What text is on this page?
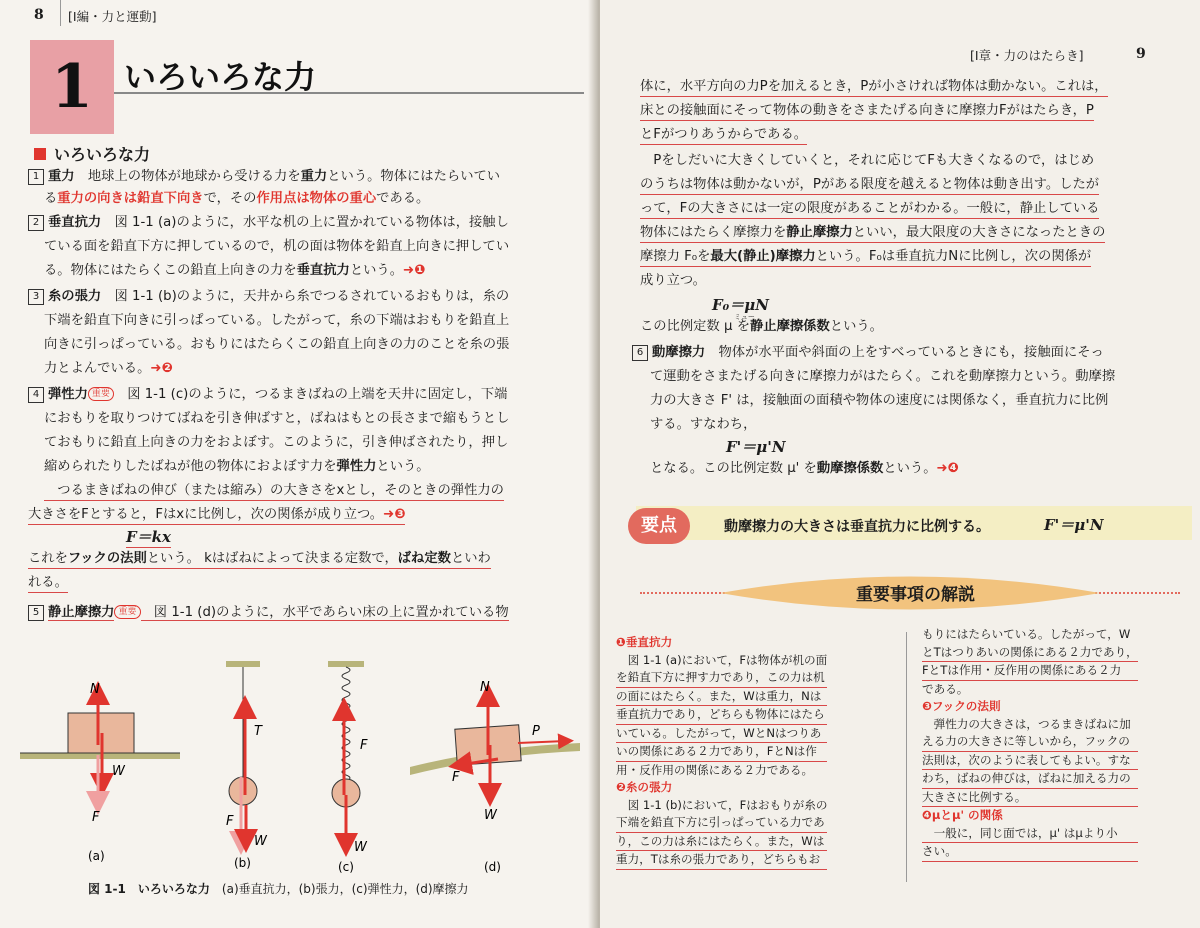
8 [Ⅰ編・力と運動]
1 いろいろな力
いろいろな力
1 重力　地球上の物体が地球から受ける力を重力という。物体にはたらいてい
る重力の向きは鉛直下向きで，その作用点は物体の重心である。
2 垂直抗力　図 1-1 (a)のように，水平な机の上に置かれている物体は，接触し
ている面を鉛直下方に押しているので，机の面は物体を鉛直上向きに押してい
る。物体にはたらくこの鉛直上向きの力を垂直抗力という。➜❶
3 糸の張力　図 1-1 (b)のように，天井から糸でつるされているおもりは，糸の
下端を鉛直下向きに引っぱっている。したがって，糸の下端はおもりを鉛直上
向きに引っぱっている。おもりにはたらくこの鉛直上向きの力のことを糸の張
力とよんでいる。➜❷
4 弾性力 重要　図 1-1 (c)のように，つるまきばねの上端を天井に固定し，下端
におもりを取りつけてばねを引き伸ばすと，ばねはもとの長さまで縮もうとし
ておもりに鉛直上向きの力をおよぼす。このように，引き伸ばされたり，押し
縮められたりしたばねが他の物体におよぼす力を弾性力という。
　つるまきばねの伸び（または縮み）の大きさをxとし，そのときの弾性力の
大きさをFとすると，Fはxに比例し，次の関係が成り立つ。➜❸
F＝kx
これをフックの法則という。 kはばねによって決まる定数で，ばね定数といわ
れる。
5 静止摩擦力 重要　図 1-1 (d)のように，水平であらい床の上に置かれている物
N
W
F
(a)
T
F
W
(b)
F
W
(c)
N
P
F
W
(d)
図 1-1　 いろいろな力　 (a)垂直抗力，(b)張力，(c)弾性力，(d)摩擦力
[Ⅰ章・力のはたらき]	9
体に，水平方向の力Pを加えるとき，Pが小さければ物体は動かない。これは，
床との接触面にそって物体の動きをさまたげる向きに摩擦力Fがはたらき，P
とFがつりあうからである。
　Pをしだいに大きくしていくと，それに応じてFも大きくなるので，はじめ
のうちは物体は動かないが，Pがある限度を越えると物体は動き出す。したが
って，Fの大きさには一定の限度があることがわかる。一般に，静止している
物体にはたらく摩擦力を静止摩擦力といい，最大限度の大きさになったときの
摩擦力 F₀を最大(静止)摩擦力という。F₀は垂直抗力Nに比例し，次の関係が
成り立つ。
F₀＝μN
ミュー
この比例定数 μ を静止摩擦係数という。
6 動摩擦力　物体が水平面や斜面の上をすべっているときにも，接触面にそっ
て運動をさまたげる向きに摩擦力がはたらく。これを動摩擦力という。動摩擦
力の大きさ F' は，接触面の面積や物体の速度には関係なく，垂直抗力に比例
する。すなわち，
F'＝μ'N
となる。この比例定数 μ' を動摩擦係数という。➜❹
要点	動摩擦力の大きさは垂直抗力に比例する。	F'＝μ'N
重要事項の解説
❶垂直抗力
　図 1-1 (a)において，Fは物体が机の面
を鉛直下方に押す力であり，この力は机
の面にはたらく。また，Wは重力，Nは
垂直抗力であり，どちらも物体にはたら
いている。したがって，WとNはつりあ
いの関係にある２力であり，FとNは作
用・反作用の関係にある２力である。
❷糸の張力
　図 1-1 (b)において，Fはおもりが糸の
下端を鉛直下方に引っぱっている力であ
り，この力は糸にはたらく。また，Wは
重力，Tは糸の張力であり，どちらもお
もりにはたらいている。したがって，W
とTはつりあいの関係にある２力であり，
FとTは作用・反作用の関係にある２力
である。
❸フックの法則
　弾性力の大きさは，つるまきばねに加
える力の大きさに等しいから，フックの
法則は，次のように表してもよい。すな
わち，ばねの伸びは，ばねに加える力の
大きさに比例する。
❹μとμ' の関係
　一般に，同じ面では，μ' はμより小
さい。
